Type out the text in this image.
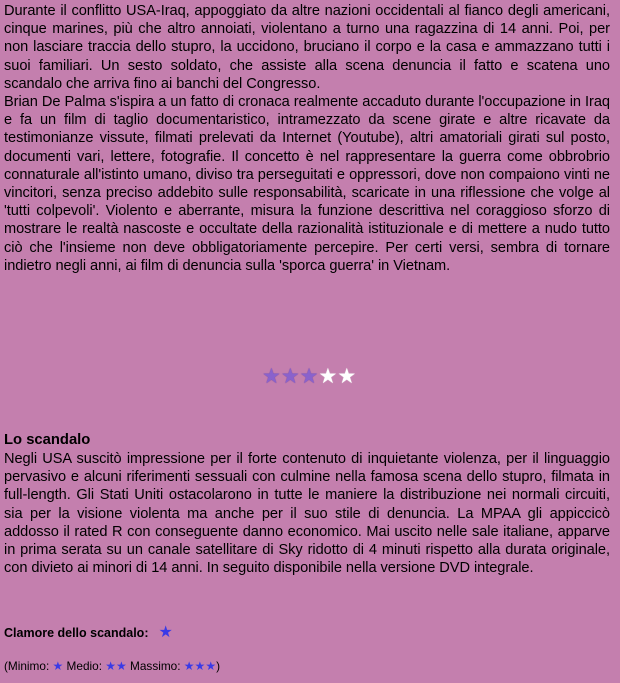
Durante il conflitto USA-Iraq, appoggiato da altre nazioni occidentali al fianco degli americani, cinque marines, più che altro annoiati, violentano a turno una ragazzina di 14 anni. Poi, per non lasciare traccia dello stupro, la uccidono, bruciano il corpo e la casa e ammazzano tutti i suoi familiari. Un sesto soldato, che assiste alla scena denuncia il fatto e scatena uno scandalo che arriva fino ai banchi del Congresso.

Brian De Palma s'ispira a un fatto di cronaca realmente accaduto durante l'occupazione in Iraq e fa un film di taglio documentaristico, intramezzato da scene girate e altre ricavate da testimonianze vissute, filmati prelevati da Internet (Youtube), altri amatoriali girati sul posto, documenti vari, lettere, fotografie. Il concetto è nel rappresentare la guerra come obbrobrio connaturale all'istinto umano, diviso tra perseguitati e oppressori, dove non compaiono vinti ne vincitori, senza preciso addebito sulle responsabilità, scaricate in una riflessione che volge al 'tutti colpevoli'. Violento e aberrante, misura la funzione descrittiva nel coraggioso sforzo di mostrare le realtà nascoste e occultate della razionalità istituzionale e di mettere a nudo tutto ciò che l'insieme non deve obbligatoriamente percepire. Per certi versi, sembra di tornare indietro negli anni, ai film di denuncia sulla 'sporca guerra' in Vietnam.

★ ★ ★ ★ ★
Lo scandalo

Negli USA suscitò impressione per il forte contenuto di inquietante violenza, per il linguaggio pervasivo e alcuni riferimenti sessuali con culmine nella famosa scena dello stupro, filmata in full-length. Gli Stati Uniti ostacolarono in tutte le maniere la distribuzione nei normali circuiti, sia per la visione violenta ma anche per il suo stile di denuncia. La MPAA gli appiccicò addosso il rated R con conseguente danno economico. Mai uscito nelle sale italiane, apparve in prima serata su un canale satellitare di Sky ridotto di 4 minuti rispetto alla durata originale, con divieto ai minori di 14 anni. In seguito disponibile nella versione DVD integrale.

Clamore dello scandalo: ★
(Minimo: ★ Medio: ★★ Massimo: ★★★)
